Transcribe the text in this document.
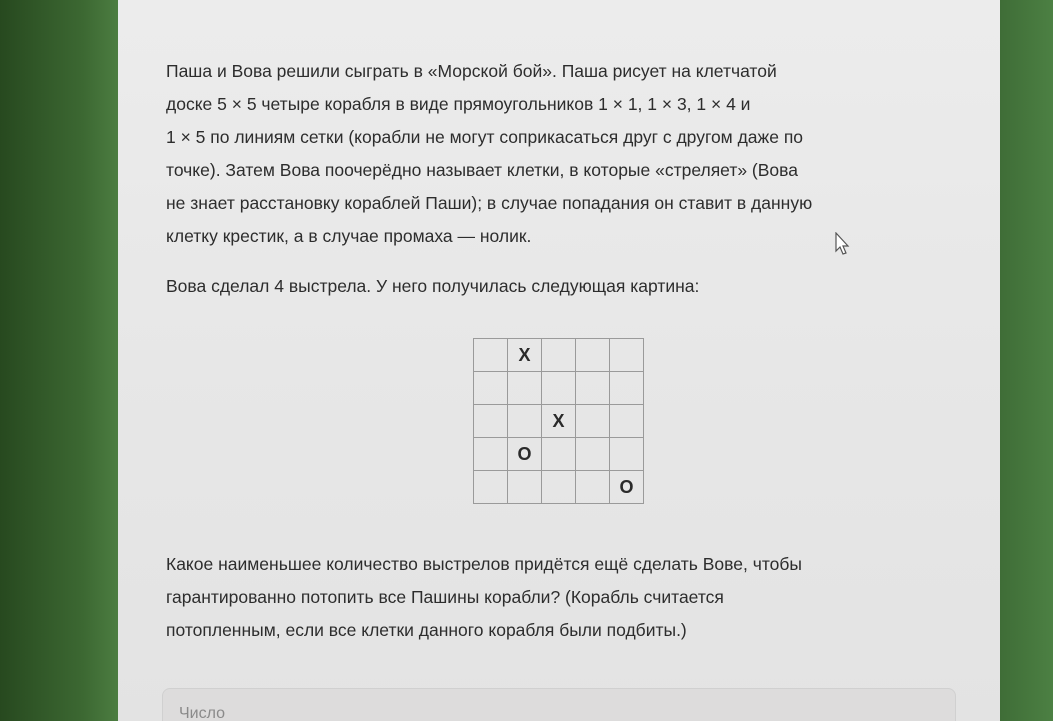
Паша и Вова решили сыграть в «Морской бой». Паша рисует на клетчатой
доске 5 × 5 четыре корабля в виде прямоугольников 1 × 1, 1 × 3, 1 × 4 и
1 × 5 по линиям сетки (корабли не могут соприкасаться друг с другом даже по
точке). Затем Вова поочерёдно называет клетки, в которые «стреляет» (Вова
не знает расстановку кораблей Паши); в случае попадания он ставит в данную
клетку крестик, а в случае промаха — нолик.
Вова сделал 4 выстрела. У него получилась следующая картина:
	X			

		X		
	O			
				O
Какое наименьшее количество выстрелов придётся ещё сделать Вове, чтобы
гарантированно потопить все Пашины корабли? (Корабль считается
потопленным, если все клетки данного корабля были подбиты.)
Число
